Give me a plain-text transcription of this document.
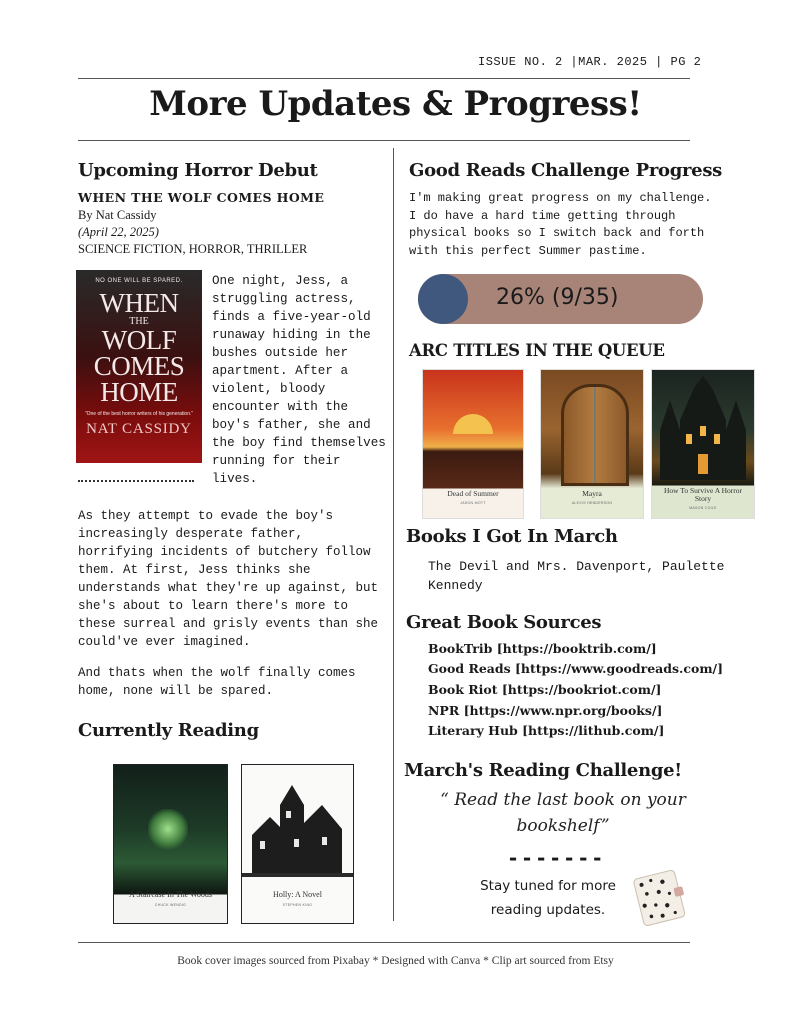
ISSUE NO. 2 |MAR. 2025 | PG 2
More Updates & Progress!
Upcoming Horror Debut
WHEN THE WOLF COMES HOME
By Nat Cassidy
(April 22, 2025)
SCIENCE FICTION, HORROR, THRILLER
NO ONE WILL BE SPARED.
WHEN
THE
WOLF
COMES
HOME
"One of the best horror writers of his generation."
NAT CASSIDY
One night, Jess, a
struggling actress,
finds a five-year-old
runaway hiding in the
bushes outside her
apartment. After a
violent, bloody
encounter with the
boy's father, she and
the boy find themselves
running for their
lives.
As they attempt to evade the boy's
increasingly desperate father,
horrifying incidents of butchery follow
them. At first, Jess thinks she
understands what they're up against, but
she's about to learn there's more to
these surreal and grisly events than she
could've ever imagined.
And thats when the wolf finally comes
home, none will be spared.
Currently Reading
A Staircase In The Woods
CHUCK WENDIG
Holly: A Novel
STEPHEN KING
Good Reads Challenge Progress
I'm making great progress on my challenge.
I do have a hard time getting through
physical books so I switch back and forth
with this perfect Summer pastime.
26% (9/35)
ARC TITLES IN THE QUEUE
Dead of Summer
JASON MOTT
Mayra
ALEXIS HENDERSON
How To Survive A Horror Story
MASON COILE
Books I Got In March
The Devil and Mrs. Davenport, Paulette
Kennedy
Great Book Sources
BookTrib [https://booktrib.com/]
Good Reads [https://www.goodreads.com/]
Book Riot [https://bookriot.com/]
NPR [https://www.npr.org/books/]
Literary Hub [https://lithub.com/]
March's Reading Challenge!
“ Read the last book on your
bookshelf”
-------
Stay tuned for more
reading updates.
Book cover images sourced from Pixabay * Designed with Canva * Clip art sourced from Etsy
